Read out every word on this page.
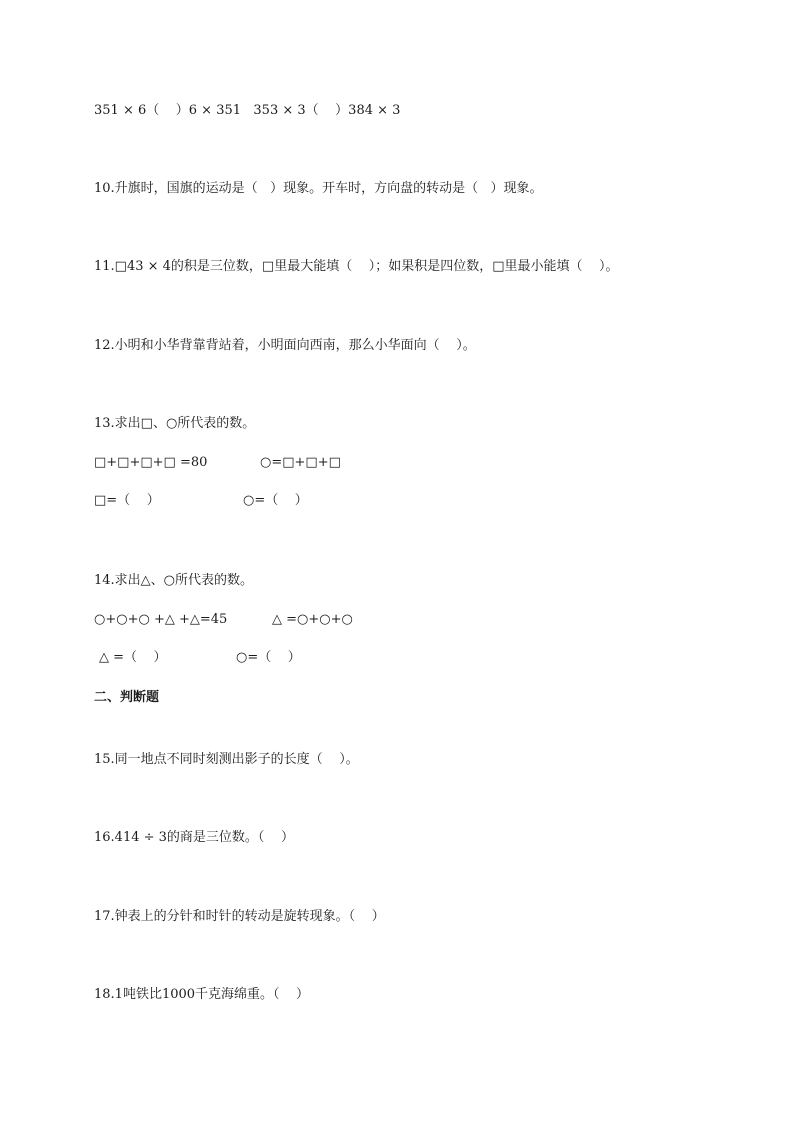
351 × 6（    ）6 × 351   353 × 3（    ）384 × 3
10.升旗时，国旗的运动是（   ）现象。开车时，方向盘的转动是（   ）现象。
11.□43 × 4的积是三位数，□里最大能填（    ）；如果积是四位数，□里最小能填（    ）。
12.小明和小华背靠背站着，小明面向西南，那么小华面向（    ）。
13.求出□、○所代表的数。
□+□+□+□ =80	○=□+□+□
□=（    ）	○=（    ）
14.求出△、○所代表的数。
○+○+○ +△ +△=45	△ =○+○+○
△ =（    ）	○=（    ）
二、判断题
15.同一地点不同时刻测出影子的长度（    ）。
16.414 ÷ 3的商是三位数。（    ）
17.钟表上的分针和时针的转动是旋转现象。（    ）
18.1吨铁比1000千克海绵重。（    ）
